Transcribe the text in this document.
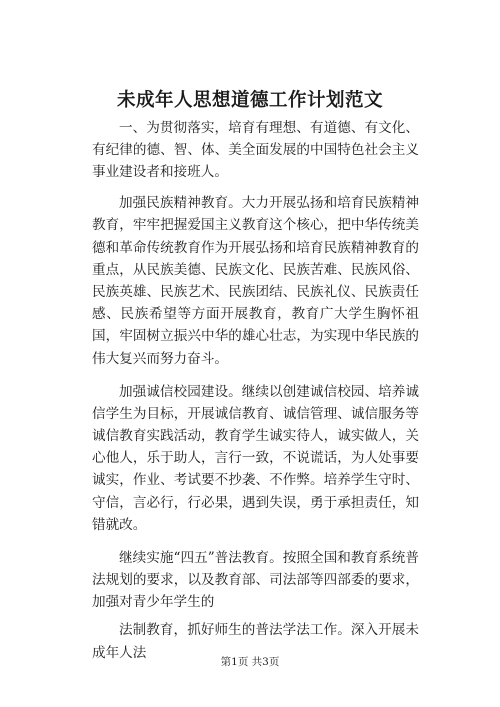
未成年人思想道德工作计划范文

一、为贯彻落实，培育有理想、有道德、有文化、有纪律的德、智、体、美全面发展的中国特色社会主义事业建设者和接班人。

加强民族精神教育。大力开展弘扬和培育民族精神教育，牢牢把握爱国主义教育这个核心，把中华传统美德和革命传统教育作为开展弘扬和培育民族精神教育的重点，从民族美德、民族文化、民族苦难、民族风俗、民族英雄、民族艺术、民族团结、民族礼仪、民族责任感、民族希望等方面开展教育，教育广大学生胸怀祖国，牢固树立振兴中华的雄心壮志，为实现中华民族的伟大复兴而努力奋斗。

加强诚信校园建设。继续以创建诚信校园、培养诚信学生为目标，开展诚信教育、诚信管理、诚信服务等诚信教育实践活动，教育学生诚实待人，诚实做人，关心他人，乐于助人，言行一致，不说谎话，为人处事要诚实，作业、考试要不抄袭、不作弊。培养学生守时、守信，言必行，行必果，遇到失误，勇于承担责任，知错就改。

继续实施“四五”普法教育。按照全国和教育系统普法规划的要求，以及教育部、司法部等四部委的要求，加强对青少年学生的

法制教育，抓好师生的普法学法工作。深入开展未成年人法

第1页 共3页
